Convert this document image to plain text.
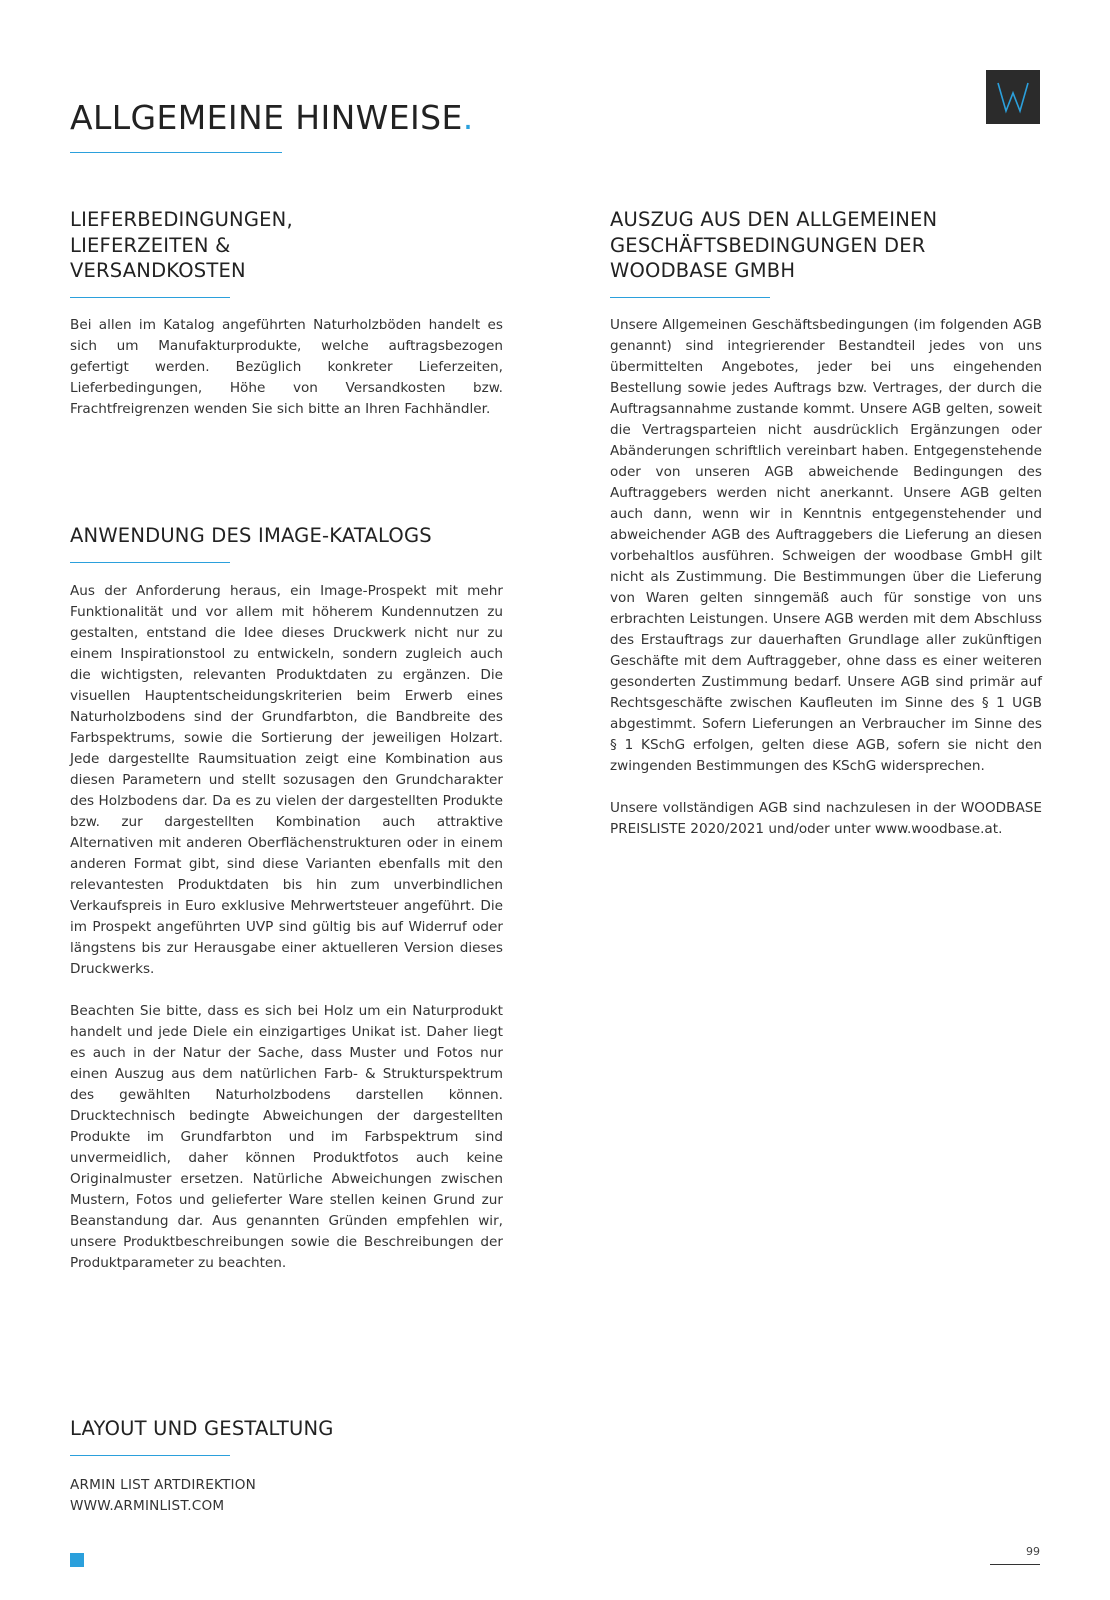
ALLGEMEINE HINWEISE.
LIEFERBEDINGUNGEN,
LIEFERZEITEN &
VERSANDKOSTEN

Bei allen im Katalog angeführten Naturholzböden handelt es sich um Manufakturprodukte, welche auftragsbezogen gefertigt werden. Bezüglich konkreter Lieferzeiten, Lieferbedingungen, Höhe von Versandkosten bzw. Frachtfreigrenzen wenden Sie sich bitte an Ihren Fachhändler.

ANWENDUNG DES IMAGE-KATALOGS

Aus der Anforderung heraus, ein Image-Prospekt mit mehr Funktionalität und vor allem mit höherem Kundennutzen zu gestalten, entstand die Idee dieses Druckwerk nicht nur zu einem Inspirationstool zu entwickeln, sondern zugleich auch die wichtigsten, relevanten Produktdaten zu ergänzen. Die visuellen Hauptentscheidungskriterien beim Erwerb eines Naturholzbodens sind der Grundfarbton, die Bandbreite des Farbspektrums, sowie die Sortierung der jeweiligen Holzart. Jede dargestellte Raumsituation zeigt eine Kombination aus diesen Parametern und stellt sozusagen den Grundcharakter des Holzbodens dar. Da es zu vielen der dargestellten Produkte bzw. zur dargestellten Kombination auch attraktive Alternativen mit anderen Oberflächenstrukturen oder in einem anderen Format gibt, sind diese Varianten ebenfalls mit den relevantesten Produktdaten bis hin zum unverbindlichen Verkaufspreis in Euro exklusive Mehrwertsteuer angeführt. Die im Prospekt angeführten UVP sind gültig bis auf Widerruf oder längstens bis zur Herausgabe einer aktuelleren Version dieses Druckwerks.

Beachten Sie bitte, dass es sich bei Holz um ein Naturprodukt handelt und jede Diele ein einzigartiges Unikat ist. Daher liegt es auch in der Natur der Sache, dass Muster und Fotos nur einen Auszug aus dem natürlichen Farb- & Strukturspektrum des gewählten Naturholzbodens darstellen können. Drucktechnisch bedingte Abweichungen der dargestellten Produkte im Grundfarbton und im Farbspektrum sind unvermeidlich, daher können Produktfotos auch keine Originalmuster ersetzen. Natürliche Abweichungen zwischen Mustern, Fotos und gelieferter Ware stellen keinen Grund zur Beanstandung dar. Aus genannten Gründen empfehlen wir, unsere Produktbeschreibungen sowie die Beschreibungen der Produktparameter zu beachten.

AUSZUG AUS DEN ALLGEMEINEN
GESCHÄFTSBEDINGUNGEN DER
WOODBASE GMBH

Unsere Allgemeinen Geschäftsbedingungen (im folgenden AGB genannt) sind integrierender Bestandteil jedes von uns übermittelten Angebotes, jeder bei uns eingehenden Bestellung sowie jedes Auftrags bzw. Vertrages, der durch die Auftragsannahme zustande kommt. Unsere AGB gelten, soweit die Vertragsparteien nicht ausdrücklich Ergänzungen oder Abänderungen schriftlich vereinbart haben. Entgegenstehende oder von unseren AGB abweichende Bedingungen des Auftraggebers werden nicht anerkannt. Unsere AGB gelten auch dann, wenn wir in Kenntnis entgegenstehender und abweichender AGB des Auftraggebers die Lieferung an diesen vorbehaltlos ausführen. Schweigen der woodbase GmbH gilt nicht als Zustimmung. Die Bestimmungen über die Lieferung von Waren gelten sinngemäß auch für sonstige von uns erbrachten Leistungen. Unsere AGB werden mit dem Abschluss des Erstauftrags zur dauerhaften Grundlage aller zukünftigen Geschäfte mit dem Auftraggeber, ohne dass es einer weiteren gesonderten Zustimmung bedarf. Unsere AGB sind primär auf Rechtsgeschäfte zwischen Kaufleuten im Sinne des § 1 UGB abgestimmt. Sofern Lieferungen an Verbraucher im Sinne des § 1 KSchG erfolgen, gelten diese AGB, sofern sie nicht den zwingenden Bestimmungen des KSchG widersprechen.

Unsere vollständigen AGB sind nachzulesen in der WOODBASE PREISLISTE 2020/2021 und/oder unter www.woodbase.at.

LAYOUT UND GESTALTUNG
ARMIN LIST ARTDIREKTION
WWW.ARMINLIST.COM
99
